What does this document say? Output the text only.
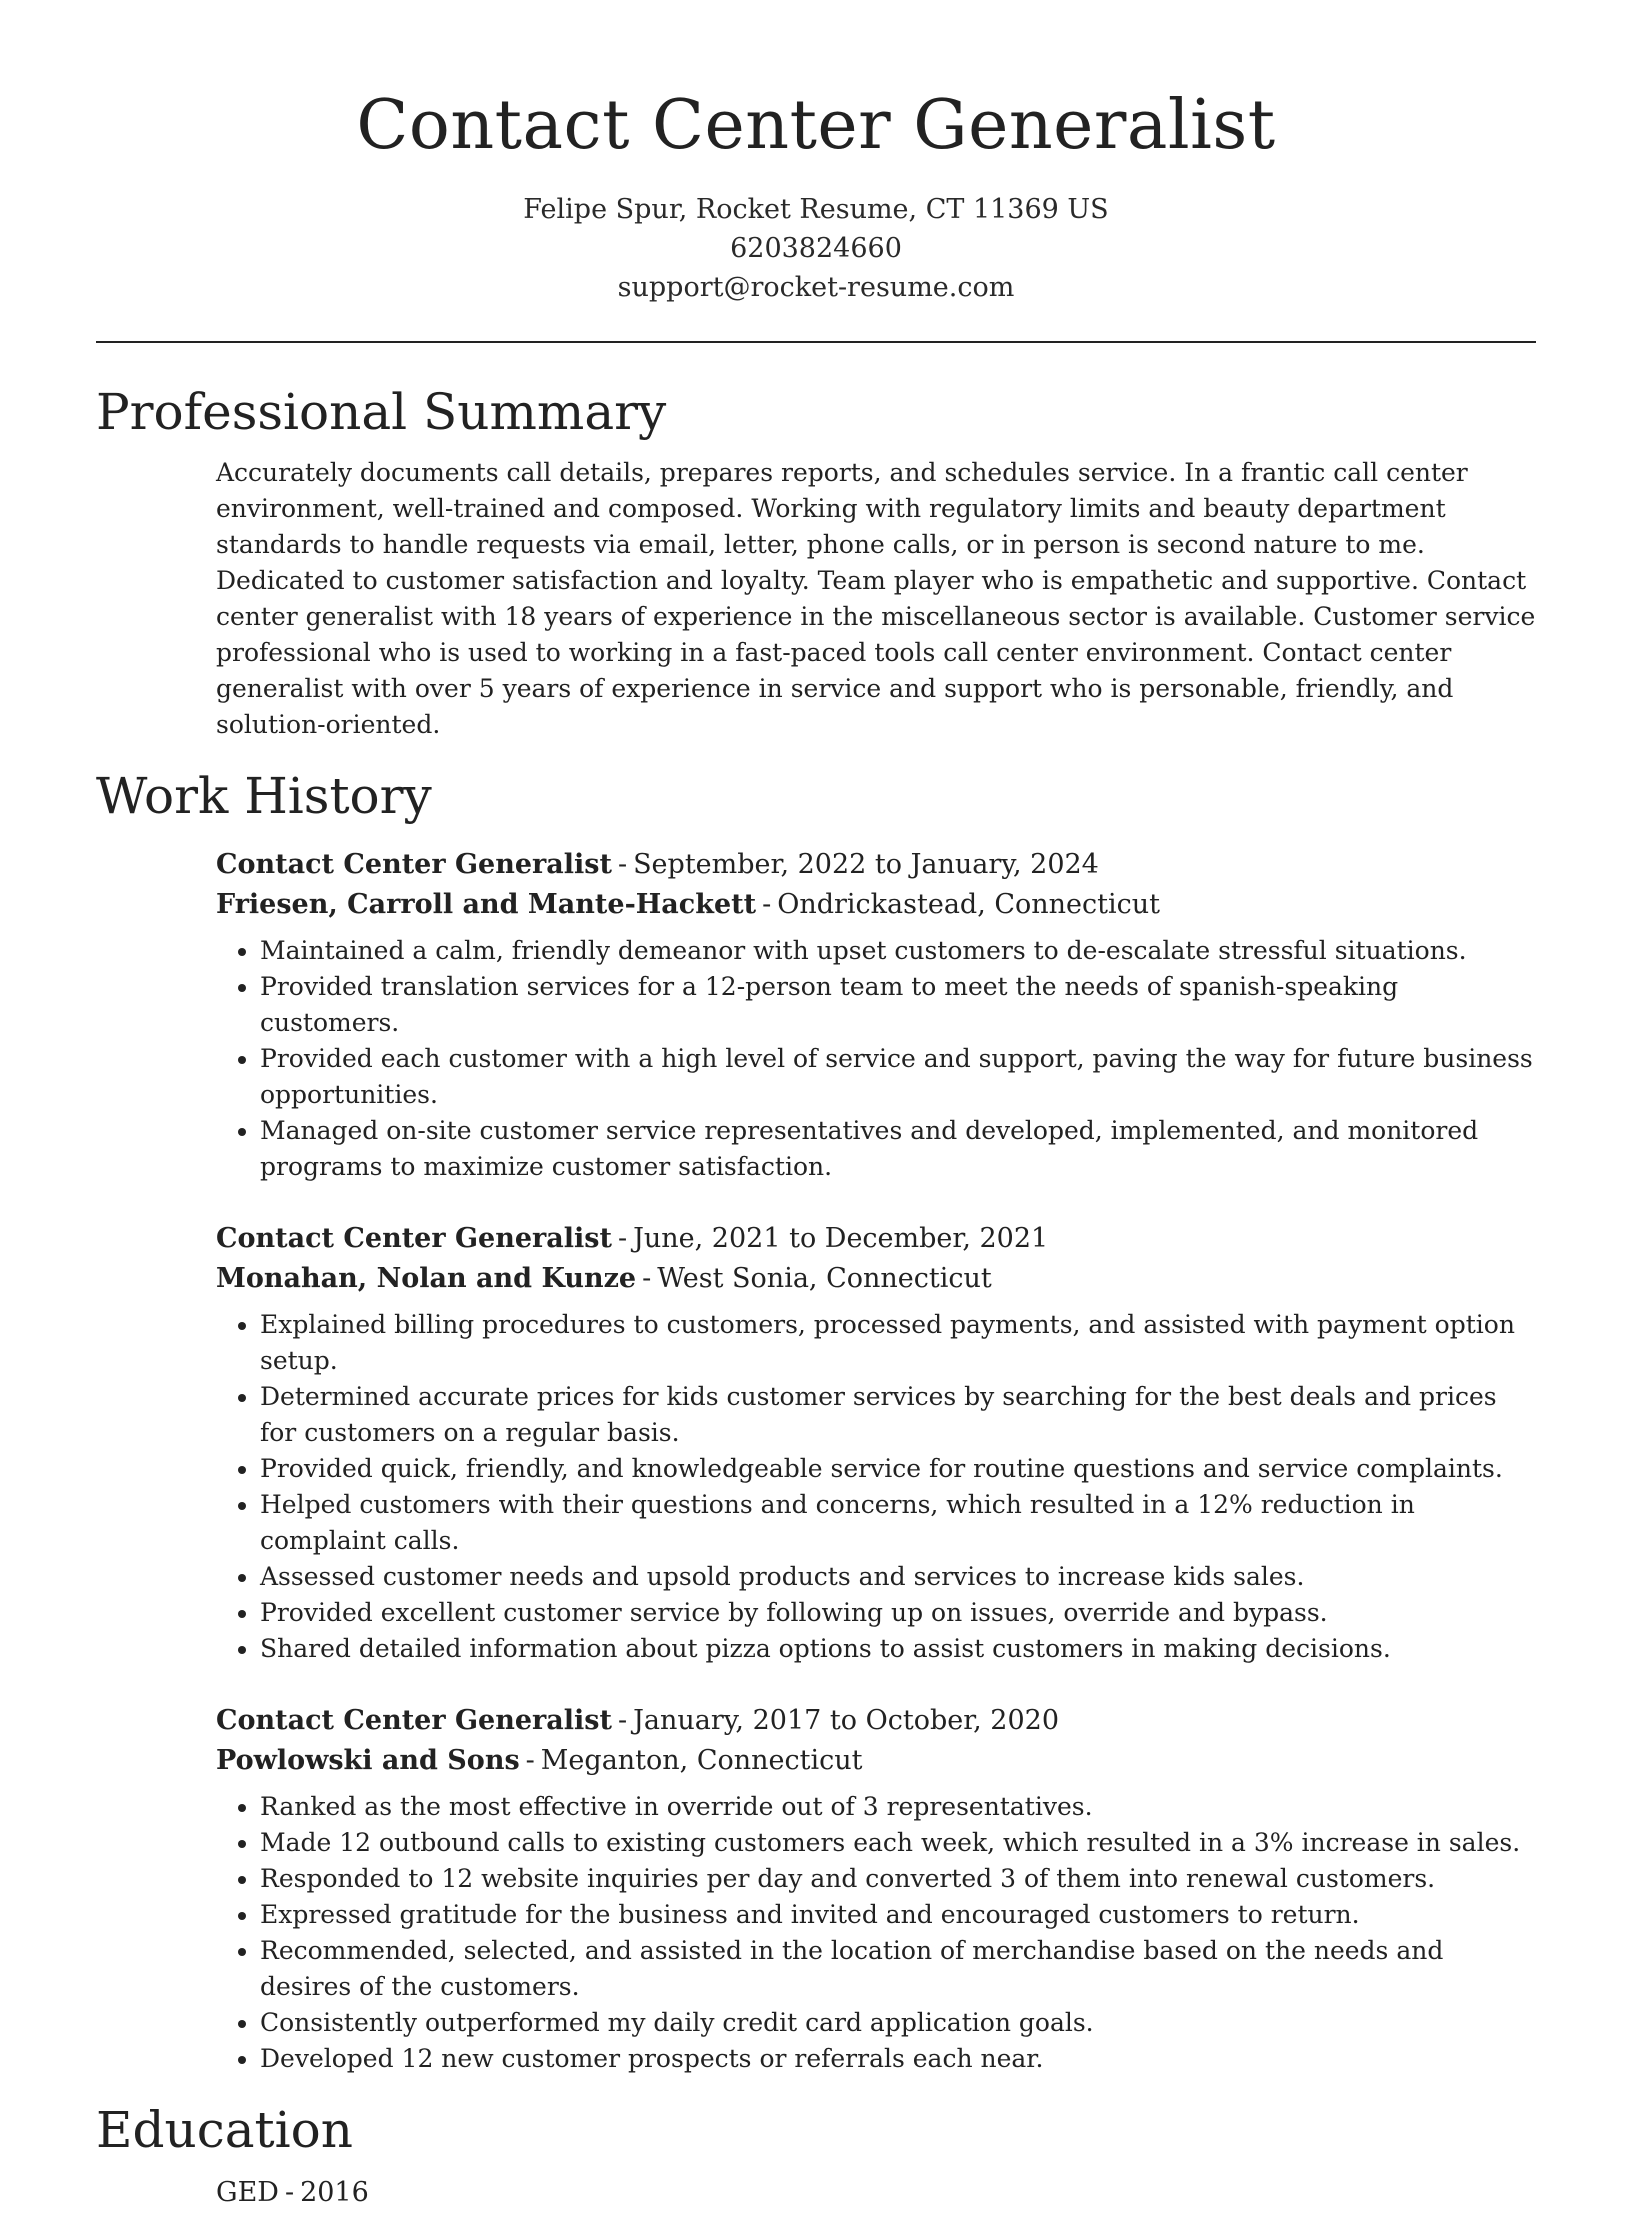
Contact Center Generalist

Felipe Spur, Rocket Resume, CT 11369 US

6203824660

support@rocket-resume.com

Professional Summary

Accurately documents call details, prepares reports, and schedules service. In a frantic call center environment, well-trained and composed. Working with regulatory limits and beauty department standards to handle requests via email, letter, phone calls, or in person is second nature to me. Dedicated to customer satisfaction and loyalty. Team player who is empathetic and supportive. Contact center generalist with 18 years of experience in the miscellaneous sector is available. Customer service professional who is used to working in a fast-paced tools call center environment. Contact center generalist with over 5 years of experience in service and support who is personable, friendly, and solution-oriented.

Work History

Contact Center Generalist - September, 2022 to January, 2024

Friesen, Carroll and Mante-Hackett - Ondrickastead, Connecticut

• Maintained a calm, friendly demeanor with upset customers to de-escalate stressful situations.
• Provided translation services for a 12-person team to meet the needs of spanish-speaking customers.
• Provided each customer with a high level of service and support, paving the way for future business opportunities.
• Managed on-site customer service representatives and developed, implemented, and monitored programs to maximize customer satisfaction.

Contact Center Generalist - June, 2021 to December, 2021

Monahan, Nolan and Kunze - West Sonia, Connecticut

• Explained billing procedures to customers, processed payments, and assisted with payment option setup.
• Determined accurate prices for kids customer services by searching for the best deals and prices for customers on a regular basis.
• Provided quick, friendly, and knowledgeable service for routine questions and service complaints.
• Helped customers with their questions and concerns, which resulted in a 12% reduction in complaint calls.
• Assessed customer needs and upsold products and services to increase kids sales.
• Provided excellent customer service by following up on issues, override and bypass.
• Shared detailed information about pizza options to assist customers in making decisions.

Contact Center Generalist - January, 2017 to October, 2020

Powlowski and Sons - Meganton, Connecticut

• Ranked as the most effective in override out of 3 representatives.
• Made 12 outbound calls to existing customers each week, which resulted in a 3% increase in sales.
• Responded to 12 website inquiries per day and converted 3 of them into renewal customers.
• Expressed gratitude for the business and invited and encouraged customers to return.
• Recommended, selected, and assisted in the location of merchandise based on the needs and desires of the customers.
• Consistently outperformed my daily credit card application goals.
• Developed 12 new customer prospects or referrals each near.
Education

GED - 2016
